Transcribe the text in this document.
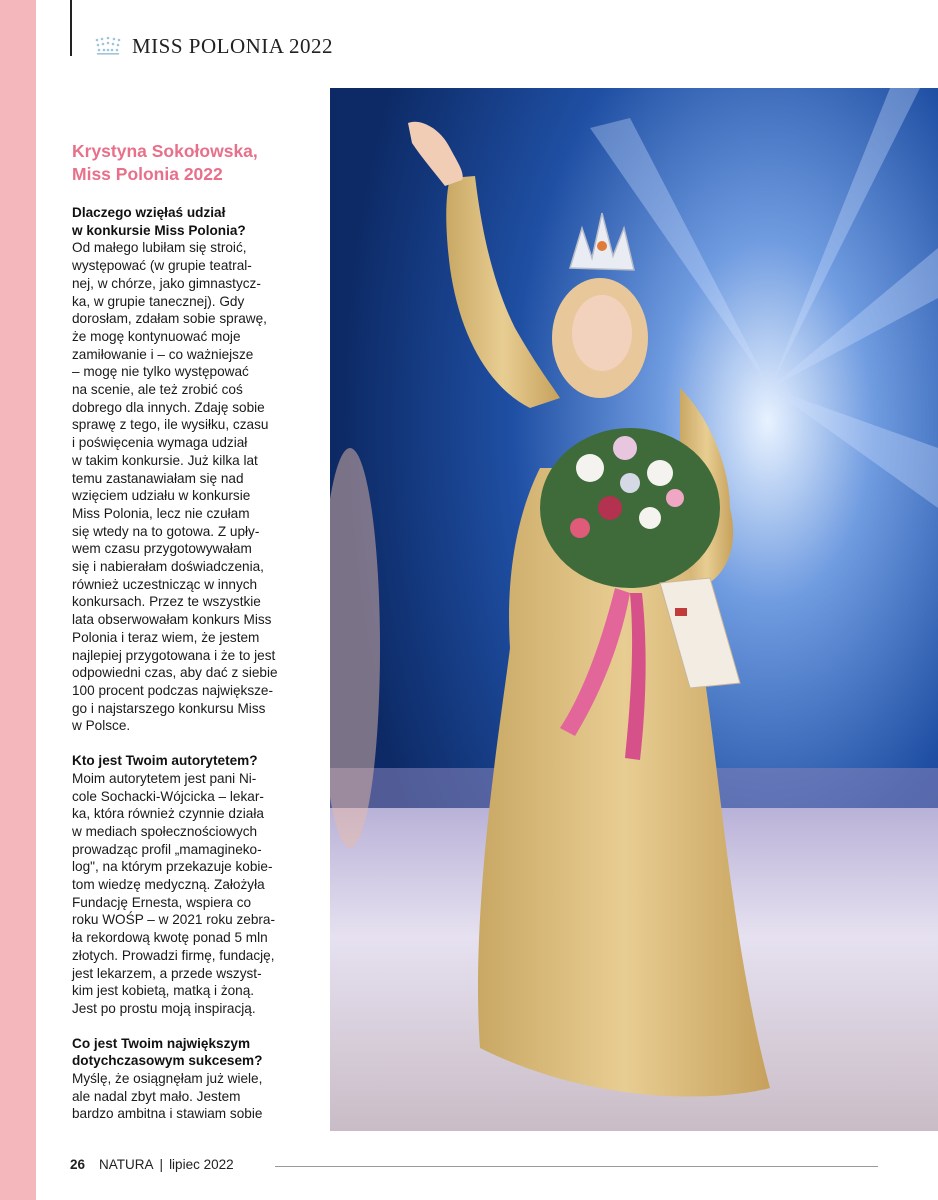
MISS POLONIA 2022
Krystyna Sokołowska,
Miss Polonia 2022
Dlaczego wzięłaś udział
w konkursie Miss Polonia?
Od małego lubiłam się stroić,
występować (w grupie teatral-
nej, w chórze, jako gimnastycz-
ka, w grupie tanecznej). Gdy
dorosłam, zdałam sobie sprawę,
że mogę kontynuować moje
zamiłowanie i – co ważniejsze
– mogę nie tylko występować
na scenie, ale też zrobić coś
dobrego dla innych. Zdaję sobie
sprawę z tego, ile wysiłku, czasu
i poświęcenia wymaga udział
w takim konkursie. Już kilka lat
temu zastanawiałam się nad
wzięciem udziału w konkursie
Miss Polonia, lecz nie czułam
się wtedy na to gotowa. Z upły-
wem czasu przygotowywałam
się i nabierałam doświadczenia,
również uczestnicząc w innych
konkursach. Przez te wszystkie
lata obserwowałam konkurs Miss
Polonia i teraz wiem, że jestem
najlepiej przygotowana i że to jest
odpowiedni czas, aby dać z siebie
100 procent podczas największe-
go i najstarszego konkursu Miss
w Polsce.
Kto jest Twoim autorytetem?
Moim autorytetem jest pani Ni-
cole Sochacki-Wójcicka – lekar-
ka, która również czynnie działa
w mediach społecznościowych
prowadząc profil „mamagineko-
log", na którym przekazuje kobie-
tom wiedzę medyczną. Założyła
Fundację Ernesta, wspiera co
roku WOŚP – w 2021 roku zebra-
ła rekordową kwotę ponad 5 mln
złotych. Prowadzi firmę, fundację,
jest lekarzem, a przede wszyst-
kim jest kobietą, matką i żoną.
Jest po prostu moją inspiracją.
Co jest Twoim największym
dotychczasowym sukcesem?
Myślę, że osiągnęłam już wiele,
ale nadal zbyt mało. Jestem
bardzo ambitna i stawiam sobie
26 NATURA | lipiec 2022
